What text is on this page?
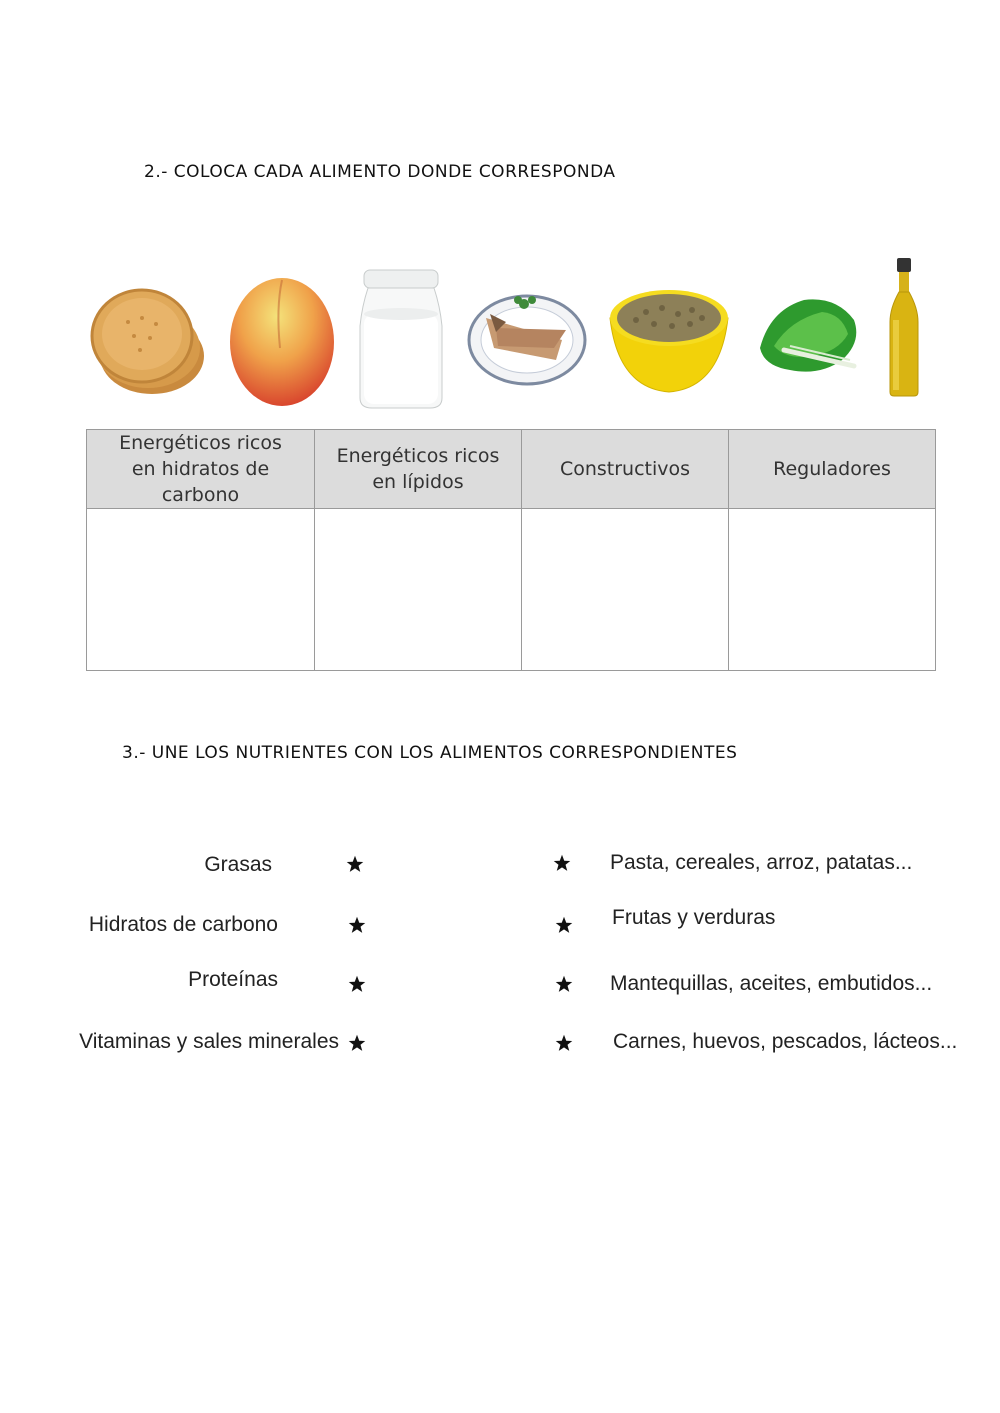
2.- COLOCA CADA ALIMENTO DONDE CORRESPONDA
Energéticos ricos
en hidratos de carbono	Energéticos ricos
en lípidos	Constructivos	Reguladores

3.- UNE LOS NUTRIENTES CON LOS ALIMENTOS CORRESPONDIENTES
Grasas
Hidratos de carbono
Proteínas
Vitaminas y sales minerales
Pasta, cereales, arroz, patatas...
Frutas y verduras
Mantequillas, aceites, embutidos...
Carnes, huevos, pescados, lácteos...
